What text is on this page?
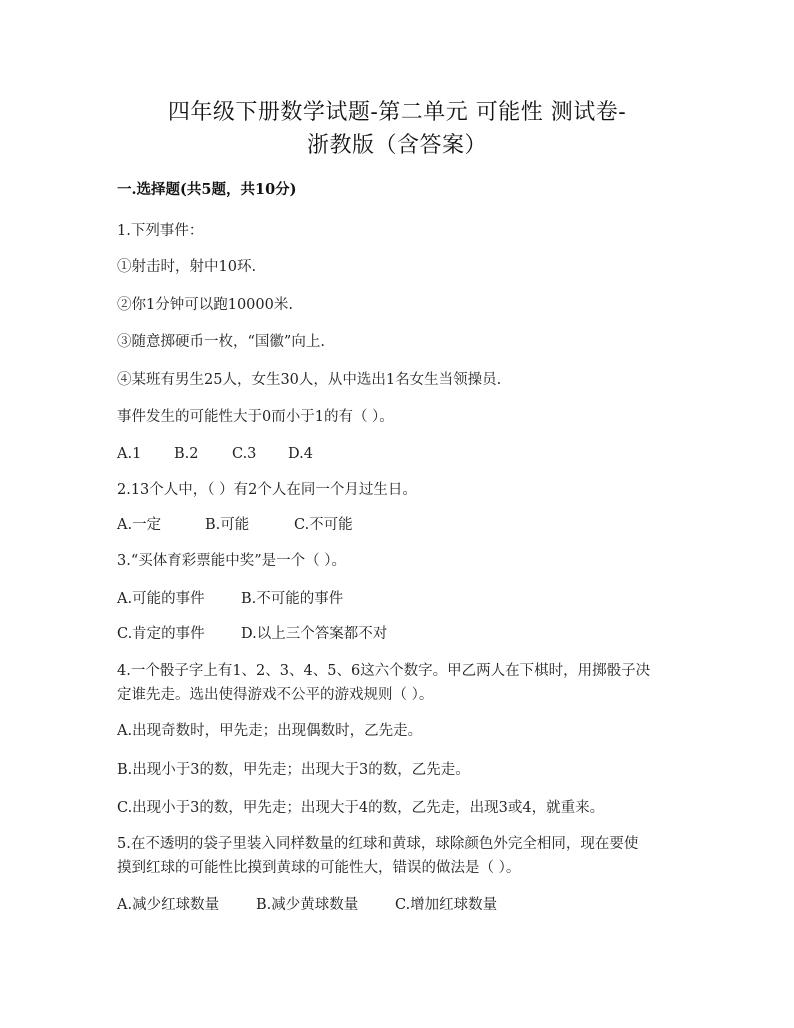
四年级下册数学试题-第二单元 可能性 测试卷-
浙教版（含答案）
一.选择题(共5题，共10分)
1.下列事件：
①射击时，射中10环.
②你1分钟可以跑10000米.
③随意掷硬币一枚，“国徽”向上.
④某班有男生25人，女生30人，从中选出1名女生当领操员.
事件发生的可能性大于0而小于1的有（ ）。
A.1 B.2 C.3 D.4
2.13个人中，（ ）有2个人在同一个月过生日。
A.一定	B.可能	C.不可能
3.“买体育彩票能中奖”是一个（ ）。
A.可能的事件	B.不可能的事件
C.肯定的事件	D.以上三个答案都不对
4.一个骰子字上有1、2、3、4、5、6这六个数字。甲乙两人在下棋时，用掷骰子决
定谁先走。选出使得游戏不公平的游戏规则（ ）。
A.出现奇数时，甲先走；出现偶数时，乙先走。
B.出现小于3的数，甲先走；出现大于3的数，乙先走。
C.出现小于3的数，甲先走；出现大于4的数，乙先走，出现3或4，就重来。
5.在不透明的袋子里装入同样数量的红球和黄球，球除颜色外完全相同，现在要使
摸到红球的可能性比摸到黄球的可能性大，错误的做法是（ ）。
A.减少红球数量	B.减少黄球数量	C.增加红球数量
